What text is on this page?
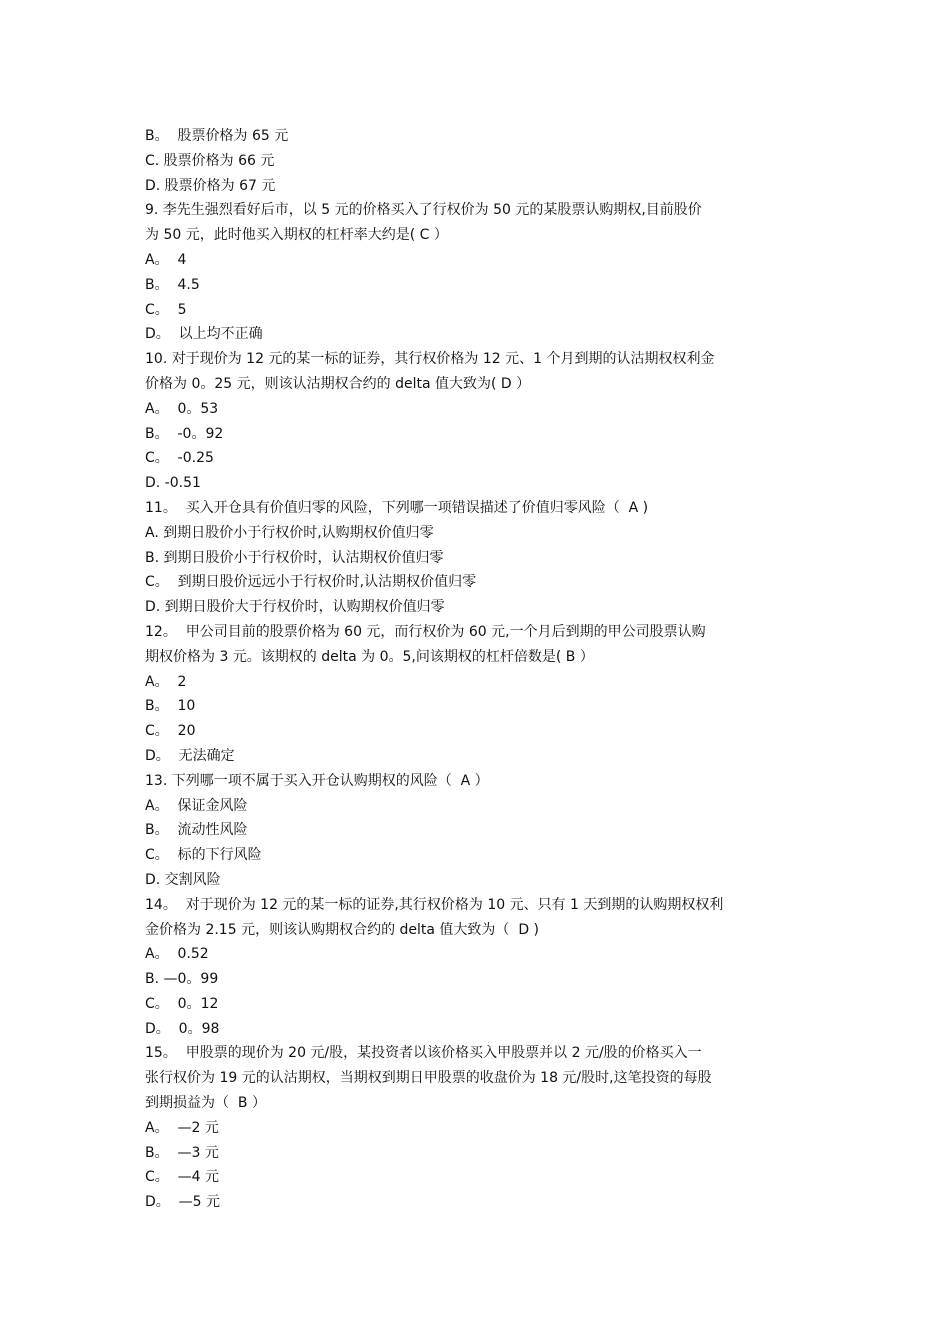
B。  股票价格为 65 元
C. 股票价格为 66 元
D. 股票价格为 67 元
9. 李先生强烈看好后市，以 5 元的价格买入了行权价为 50 元的某股票认购期权,目前股价
为 50 元，此时他买入期权的杠杆率大约是( C ）
A。  4
B。  4.5
C。  5
D。  以上均不正确
10. 对于现价为 12 元的某一标的证券，其行权价格为 12 元、1 个月到期的认沽期权权利金
价格为 0。25 元，则该认沽期权合约的 delta 值大致为( D ）
A。  0。53
B。  -0。92
C。  -0.25
D. -0.51
11。  买入开仓具有价值归零的风险，下列哪一项错误描述了价值归零风险（  A )
A. 到期日股价小于行权价时,认购期权价值归零
B. 到期日股价小于行权价时，认沽期权价值归零
C。  到期日股价远远小于行权价时,认沽期权价值归零
D. 到期日股价大于行权价时，认购期权价值归零
12。  甲公司目前的股票价格为 60 元，而行权价为 60 元,一个月后到期的甲公司股票认购
期权价格为 3 元。该期权的 delta 为 0。5,问该期权的杠杆倍数是( B ）
A。  2
B。  10
C。  20
D。  无法确定
13. 下列哪一项不属于买入开仓认购期权的风险（  A ）
A。  保证金风险
B。  流动性风险
C。  标的下行风险
D. 交割风险
14。  对于现价为 12 元的某一标的证券,其行权价格为 10 元、只有 1 天到期的认购期权权利
金价格为 2.15 元，则该认购期权合约的 delta 值大致为（  D )
A。  0.52
B. —0。99
C。  0。12
D。  0。98
15。  甲股票的现价为 20 元/股，某投资者以该价格买入甲股票并以 2 元/股的价格买入一
张行权价为 19 元的认沽期权，当期权到期日甲股票的收盘价为 18 元/股时,这笔投资的每股
到期损益为（  B ）
A。  —2 元
B。  —3 元
C。  —4 元
D。  —5 元
